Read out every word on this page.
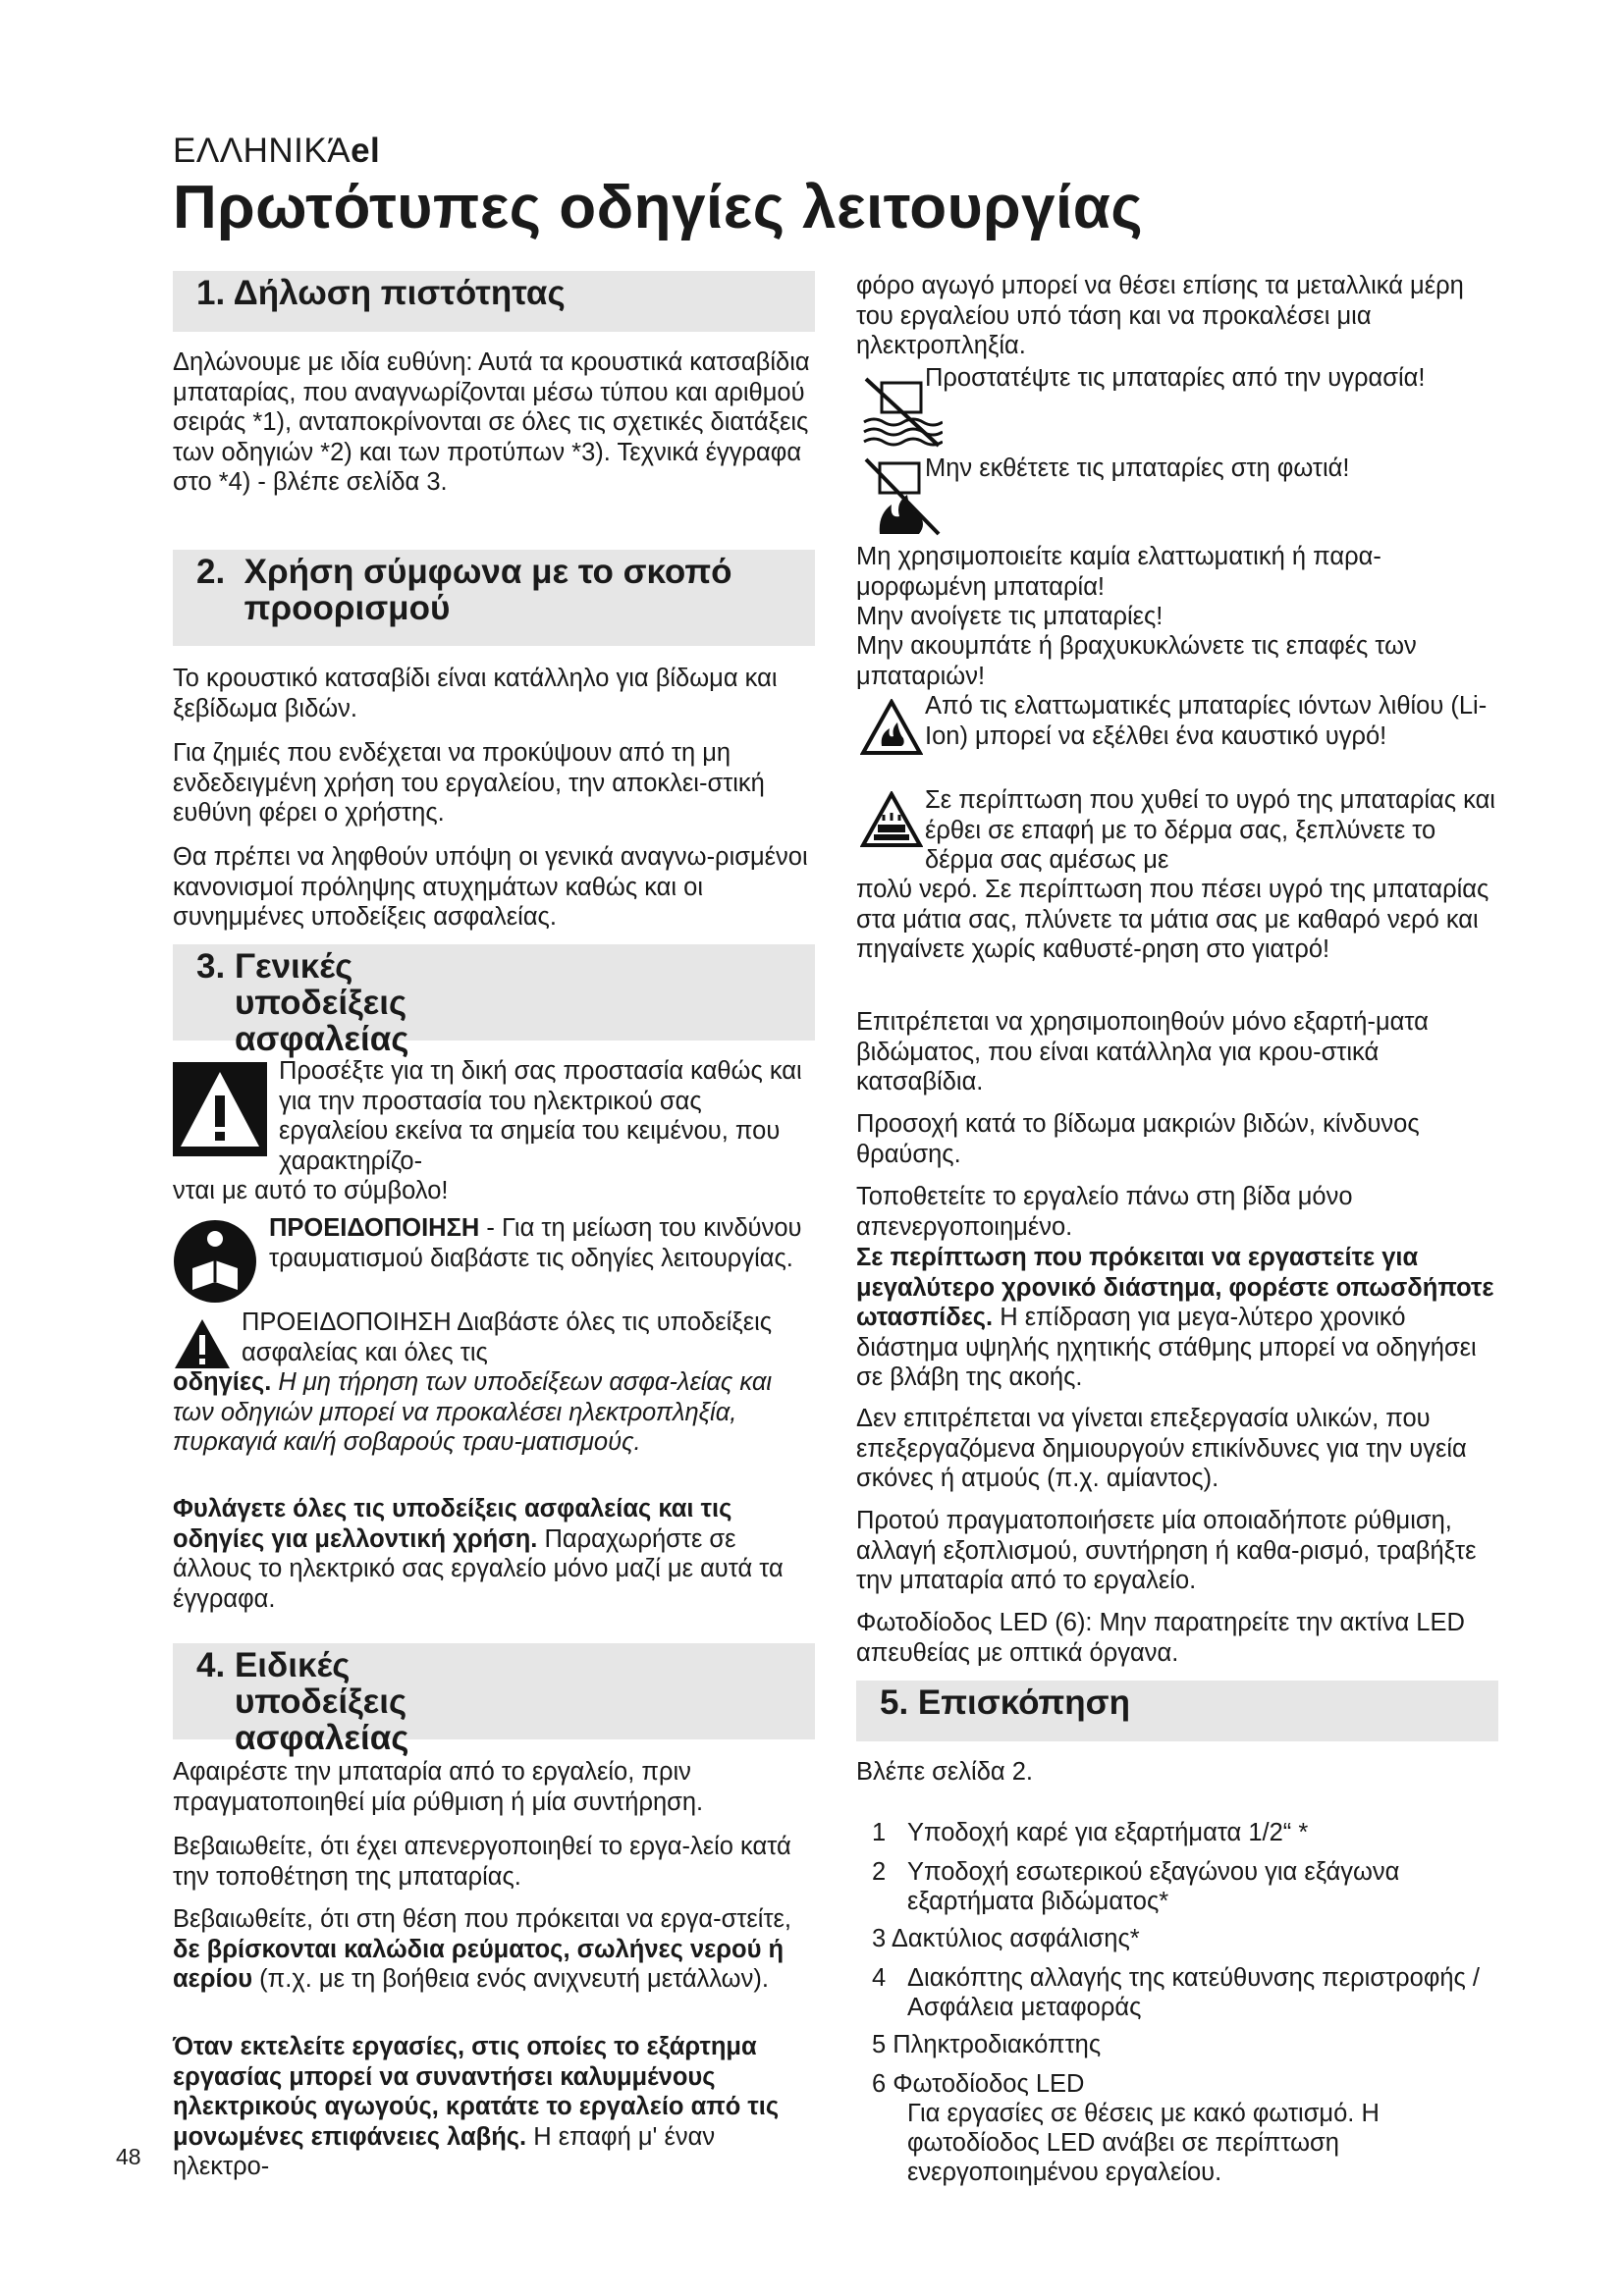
ΕΛΛΗΝΙΚΆel
Πρωτότυπες οδηγίες λειτουργίας
1. Δήλωση πιστότητας

Δηλώνουμε με ιδία ευθύνη: Αυτά τα κρουστικά κατσαβίδια μπαταρίας, που αναγνωρίζονται μέσω τύπου και αριθμού σειράς *1), ανταποκρίνονται σε όλες τις σχετικές διατάξεις των οδηγιών *2) και των προτύπων *3). Τεχνικά έγγραφα στο *4) - βλέπε σελίδα 3.

2. Χρήση σύμφωνα με το σκοπό προορισμού

Το κρουστικό κατσαβίδι είναι κατάλληλο για βίδωμα και ξεβίδωμα βιδών.

Για ζημιές που ενδέχεται να προκύψουν από τη μη ενδεδειγμένη χρήση του εργαλείου, την αποκλει-στική ευθύνη φέρει ο χρήστης.

Θα πρέπει να ληφθούν υπόψη οι γενικά αναγνω-ρισμένοι κανονισμοί πρόληψης ατυχημάτων καθώς και οι συνημμένες υποδείξεις ασφαλείας.

3. Γενικές υποδείξεις ασφαλείας

Προσέξτε για τη δική σας προστασία καθώς και για την προστασία του ηλεκτρικού σας εργαλείου εκείνα τα σημεία του κειμένου, που χαρακτηρίζο-

νται με αυτό το σύμβολο!

ΠΡΟΕΙΔΟΠΟΙΗΣΗ - Για τη μείωση του κινδύνου τραυματισμού διαβάστε τις οδηγίες λειτουργίας.

ΠΡΟΕΙΔΟΠΟΙΗΣΗ Διαβάστε όλες τις υποδείξεις ασφαλείας και όλες τις

οδηγίες. Η μη τήρηση των υποδείξεων ασφα-λείας και των οδηγιών μπορεί να προκαλέσει ηλεκτροπληξία, πυρκαγιά και/ή σοβαρούς τραυ-ματισμούς.

Φυλάγετε όλες τις υποδείξεις ασφαλείας και τις οδηγίες για μελλοντική χρήση. Παραχωρήστε σε άλλους το ηλεκτρικό σας εργαλείο μόνο μαζί με αυτά τα έγγραφα.

4. Ειδικές υποδείξεις ασφαλείας

Αφαιρέστε την μπαταρία από το εργαλείο, πριν πραγματοποιηθεί μία ρύθμιση ή μία συντήρηση.

Βεβαιωθείτε, ότι έχει απενεργοποιηθεί το εργα-λείο κατά την τοποθέτηση της μπαταρίας.

Βεβαιωθείτε, ότι στη θέση που πρόκειται να εργα-στείτε, δε βρίσκονται καλώδια ρεύματος, σωλήνες νερού ή αερίου (π.χ. με τη βοήθεια ενός ανιχνευτή μετάλλων).

Όταν εκτελείτε εργασίες, στις οποίες το εξάρτημα εργασίας μπορεί να συναντήσει καλυμμένους ηλεκτρικούς αγωγούς, κρατάτε το εργαλείο από τις μονωμένες επιφάνειες λαβής. Η επαφή μ' έναν ηλεκτρο-

48

φόρο αγωγό μπορεί να θέσει επίσης τα μεταλλικά μέρη του εργαλείου υπό τάση και να προκαλέσει μια ηλεκτροπληξία.

Προστατέψτε τις μπαταρίες από την υγρασία!

Μην εκθέτετε τις μπαταρίες στη φωτιά!

Μη χρησιμοποιείτε καμία ελαττωματική ή παρα-μορφωμένη μπαταρία!

Μην ανοίγετε τις μπαταρίες!

Μην ακουμπάτε ή βραχυκυκλώνετε τις επαφές των μπαταριών!

Από τις ελαττωματικές μπαταρίες ιόντων λιθίου (Li-Ion) μπορεί να εξέλθει ένα καυστικό υγρό!

Σε περίπτωση που χυθεί το υγρό της μπαταρίας και έρθει σε επαφή με το δέρμα σας, ξεπλύνετε το δέρμα σας αμέσως με

πολύ νερό. Σε περίπτωση που πέσει υγρό της μπαταρίας στα μάτια σας, πλύνετε τα μάτια σας με καθαρό νερό και πηγαίνετε χωρίς καθυστέ-ρηση στο γιατρό!

Επιτρέπεται να χρησιμοποιηθούν μόνο εξαρτή-ματα βιδώματος, που είναι κατάλληλα για κρου-στικά κατσαβίδια.

Προσοχή κατά το βίδωμα μακριών βιδών, κίνδυνος θραύσης.

Τοποθετείτε το εργαλείο πάνω στη βίδα μόνο απενεργοποιημένο.

Σε περίπτωση που πρόκειται να εργαστείτε για μεγαλύτερο χρονικό διάστημα, φορέστε οπωσδήποτε ωτασπίδες. Η επίδραση για μεγα-λύτερο χρονικό διάστημα υψηλής ηχητικής στάθμης μπορεί να οδηγήσει σε βλάβη της ακοής.

Δεν επιτρέπεται να γίνεται επεξεργασία υλικών, που επεξεργαζόμενα δημιουργούν επικίνδυνες για την υγεία σκόνες ή ατμούς (π.χ. αμίαντος).

Προτού πραγματοποιήσετε μία οποιαδήποτε ρύθμιση, αλλαγή εξοπλισμού, συντήρηση ή καθα-ρισμό, τραβήξτε την μπαταρία από το εργαλείο.

Φωτοδίοδος LED (6): Μην παρατηρείτε την ακτίνα LED απευθείας με οπτικά όργανα.

5. Επισκόπηση

Βλέπε σελίδα 2.

1 Υποδοχή καρέ για εξαρτήματα 1/2“ *
2 Υποδοχή εσωτερικού εξαγώνου για εξάγωνα εξαρτήματα βιδώματος*
3 Δακτύλιος ασφάλισης*
4 Διακόπτης αλλαγής της κατεύθυνσης περιστροφής / Ασφάλεια μεταφοράς
5 Πληκτροδιακόπτης
6 Φωτοδίοδος LED
Για εργασίες σε θέσεις με κακό φωτισμό. Η φωτοδίοδος LED ανάβει σε περίπτωση ενεργοποιημένου εργαλείου.
